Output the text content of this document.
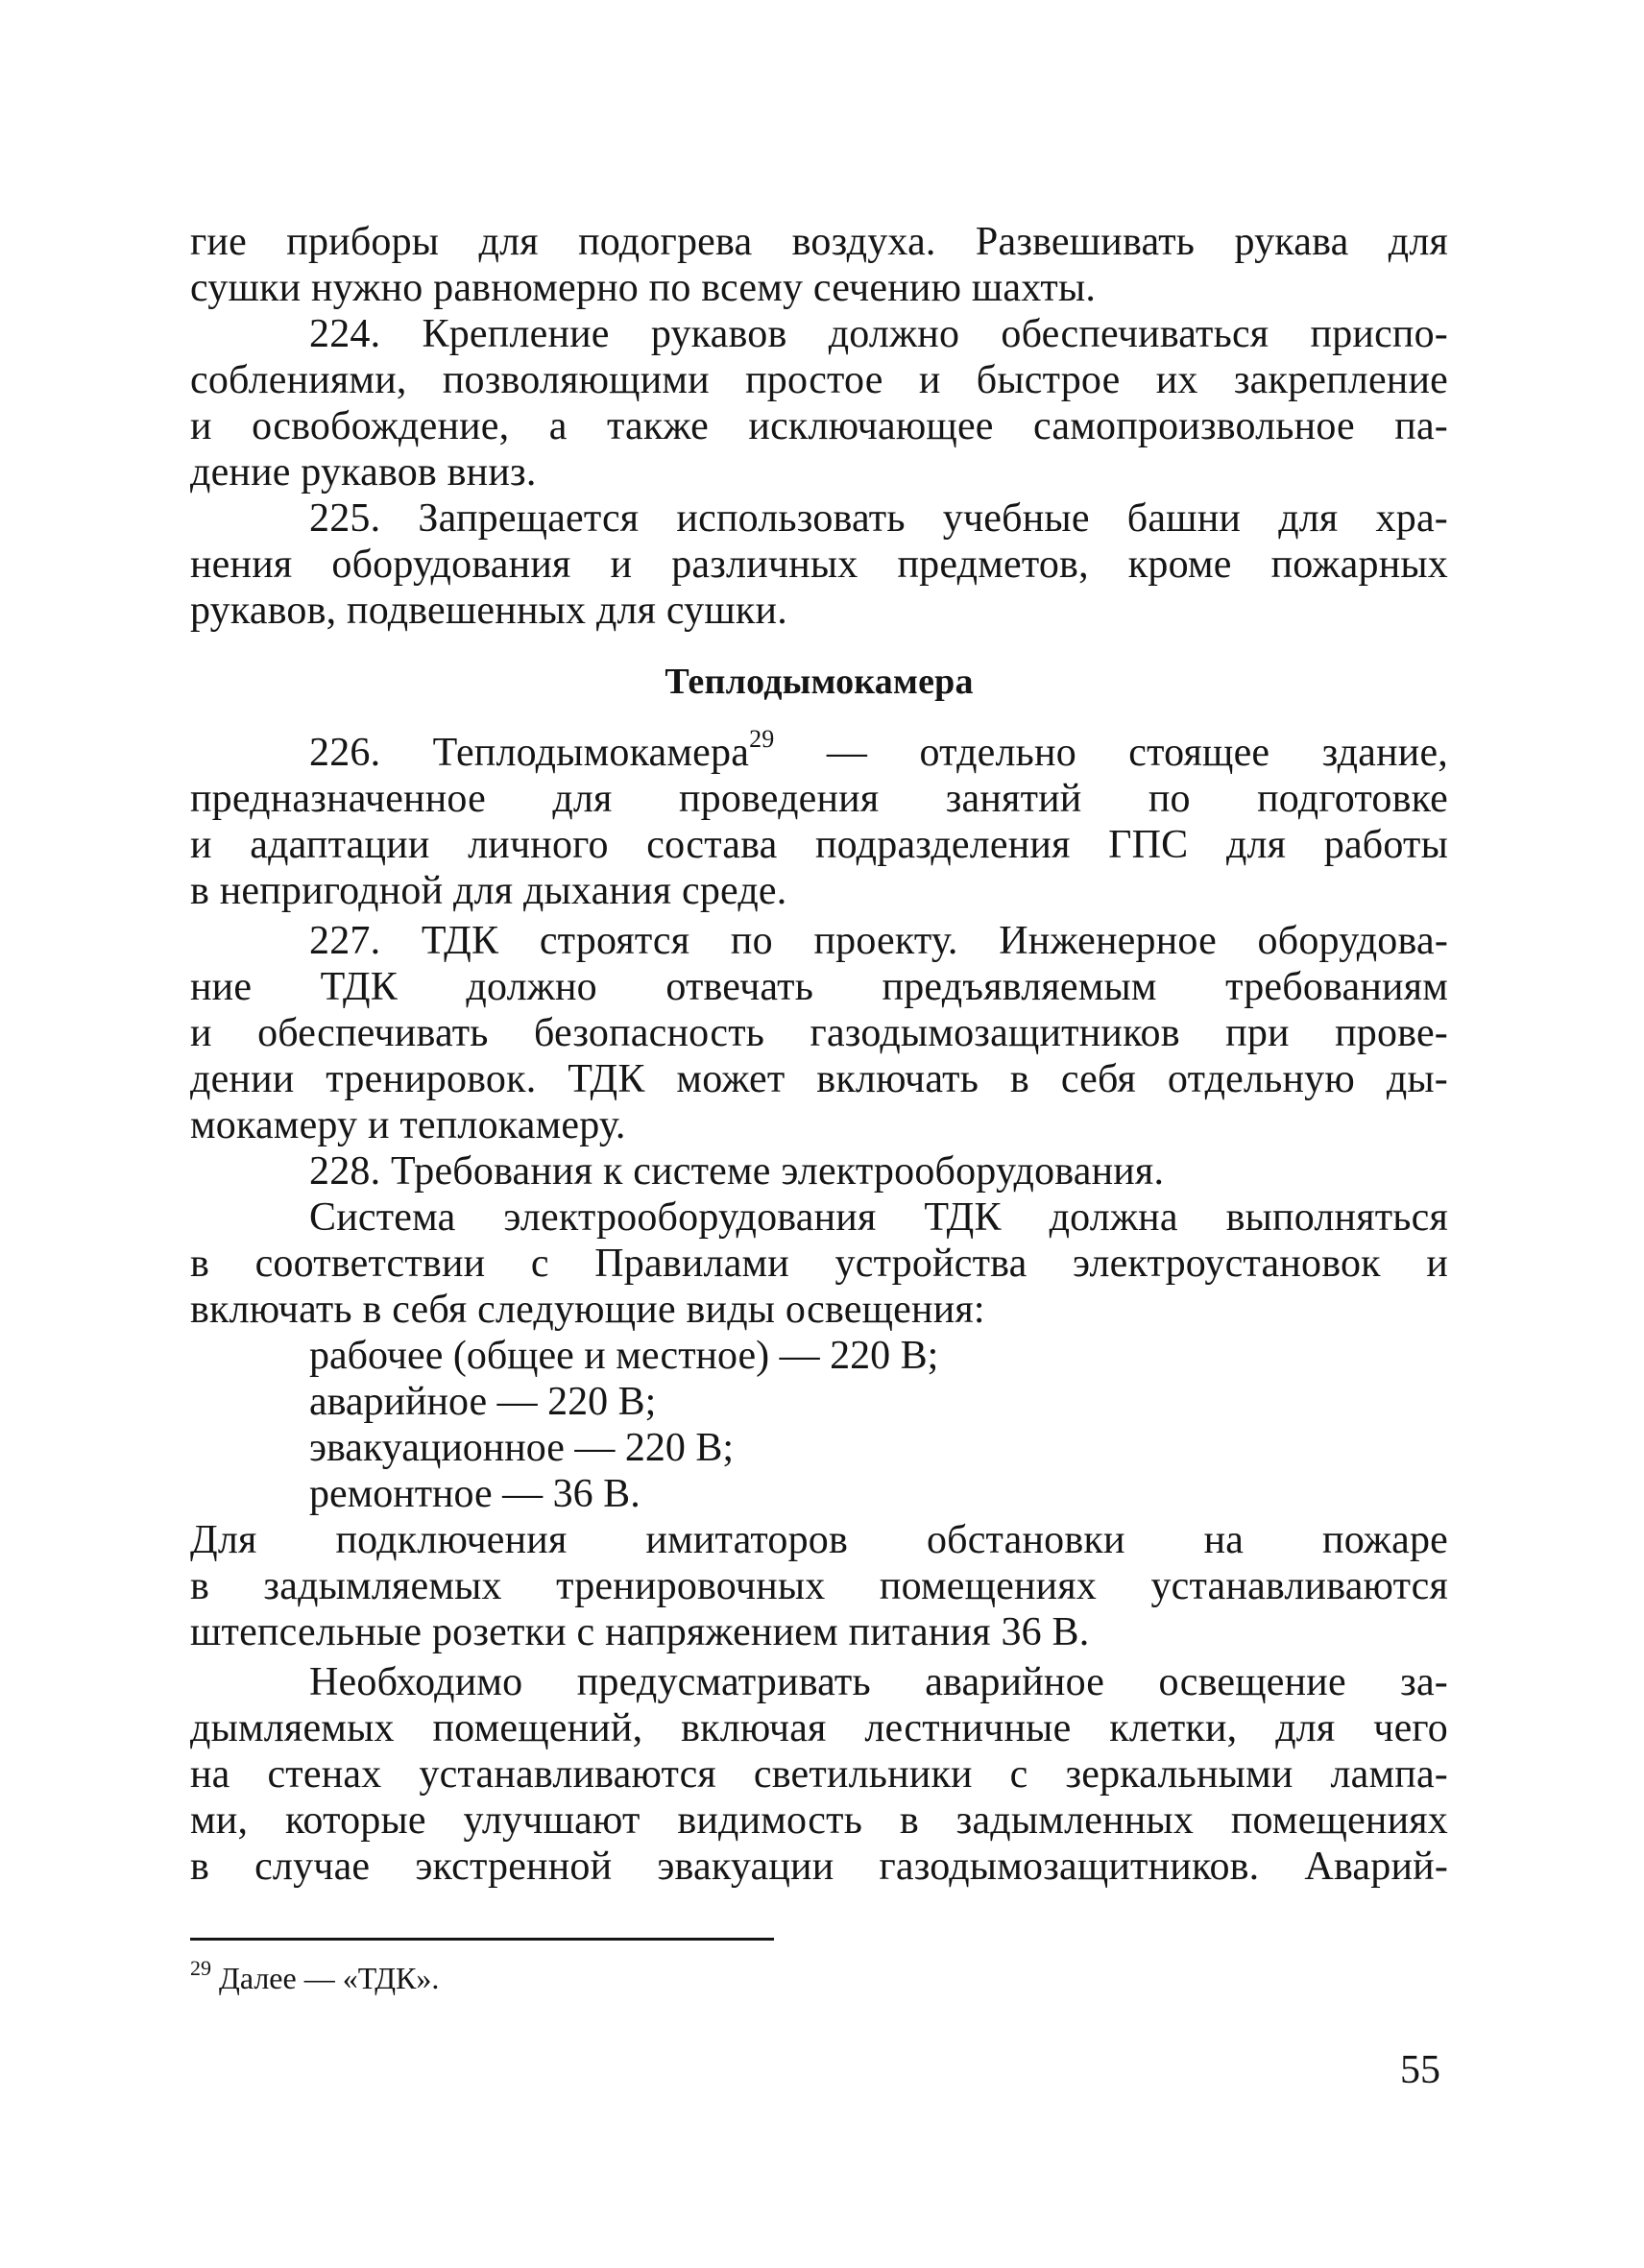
гие приборы для подогрева воздуха. Развешивать рукава для
сушки нужно равномерно по всему сечению шахты.
224. Крепление рукавов должно обеспечиваться приспо-
соблениями, позволяющими простое и быстрое их закрепление
и освобождение, а также исключающее самопроизвольное па-
дение рукавов вниз.
225. Запрещается использовать учебные башни для хра-
нения оборудования и различных предметов, кроме пожарных
рукавов, подвешенных для сушки.
Теплодымокамера
226. Теплодымокамера$^{29}$ — отдельно стоящее здание,
предназначенное для проведения занятий по подготовке
и адаптации личного состава подразделения ГПС для работы
в непригодной для дыхания среде.
227. ТДК строятся по проекту. Инженерное оборудова-
ние ТДК должно отвечать предъявляемым требованиям
и обеспечивать безопасность газодымозащитников при прове-
дении тренировок. ТДК может включать в себя отдельную ды-
мокамеру и теплокамеру.
228. Требования к системе электрооборудования.
Система электрооборудования ТДК должна выполняться
в соответствии с Правилами устройства электроустановок и
включать в себя следующие виды освещения:
рабочее (общее и местное) — 220 В;
аварийное — 220 В;
эвакуационное — 220 В;
ремонтное — 36 В.
Для подключения имитаторов обстановки на пожаре
в задымляемых тренировочных помещениях устанавливаются
штепсельные розетки с напряжением питания 36 В.
Необходимо предусматривать аварийное освещение за-
дымляемых помещений, включая лестничные клетки, для чего
на стенах устанавливаются светильники с зеркальными лампа-
ми, которые улучшают видимость в задымленных помещениях
в случае экстренной эвакуации газодымозащитников. Аварий-
$^{29}$ Далее — «ТДК».
55
